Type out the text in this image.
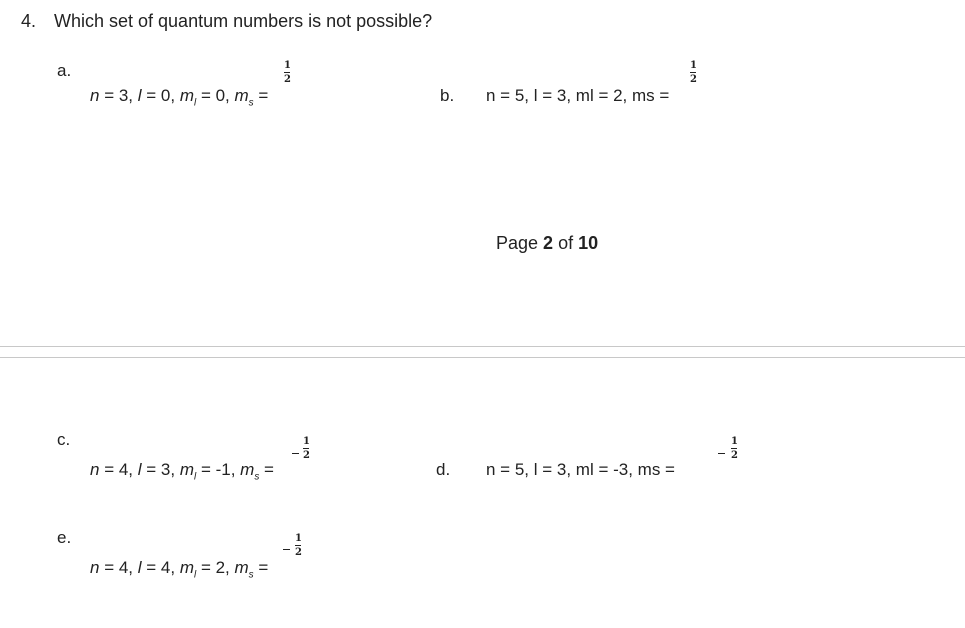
4. Which set of quantum numbers is not possible?
a.
n = 3, l = 0, $m_l = 0$, $m_s$ =
1
2
b. n = 5, l = 3, ml = 2, ms =
1
2
Page 2 of 10
c.
n = 4, l = 3, $m_l = -1$, $m_s$ =
1
2
d. n = 5, l = 3, ml = -3, ms =
1
2
e.
n = 4, l = 4, $m_l = 2$, $m_s$ =
1
2
